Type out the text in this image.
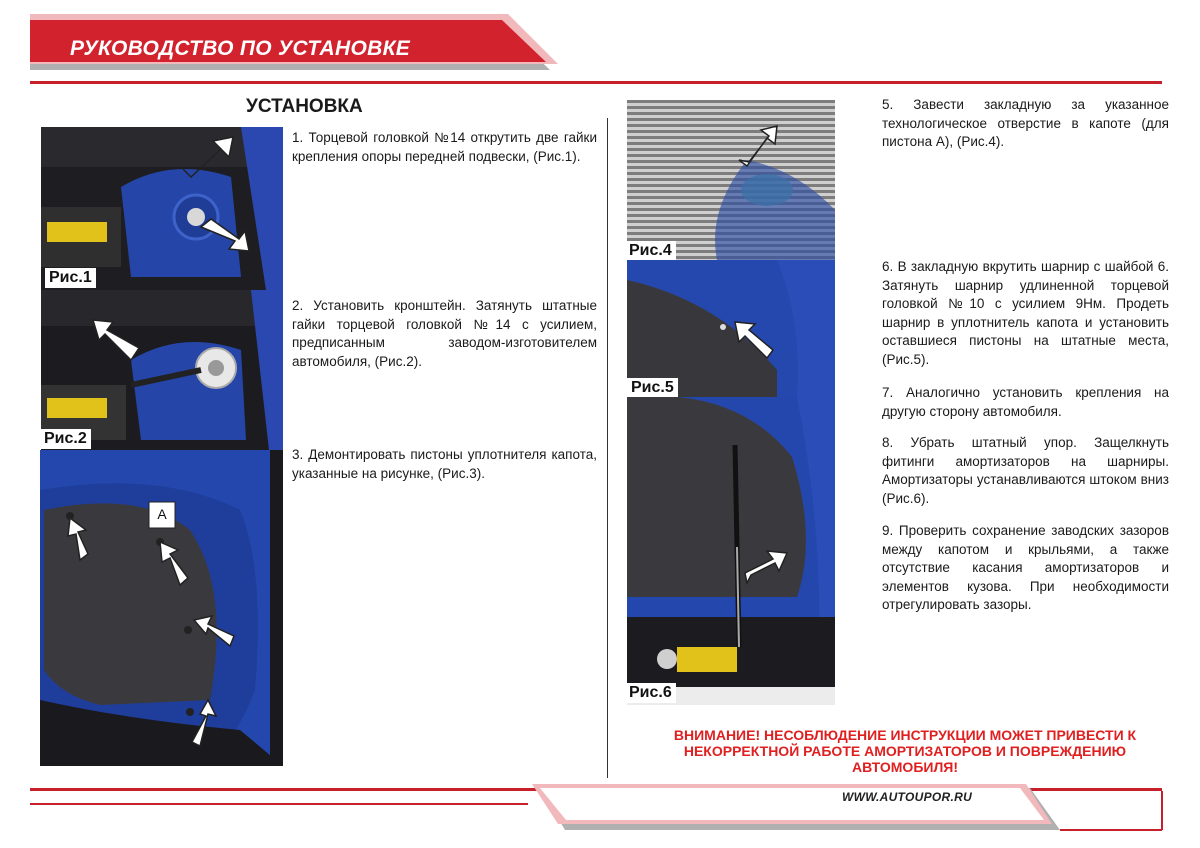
РУКОВОДСТВО ПО УСТАНОВКЕ
УСТАНОВКА
Рис.1
Рис.2
A
1. Торцевой головкой №14 открутить две гайки крепления опоры передней подвески, (Рис.1).
2. Установить кронштейн. Затянуть штатные гайки торцевой головкой №14 с усилием, предписанным заводом-изготовителем автомобиля, (Рис.2).
3. Демонтировать пистоны уплотнителя капота, указанные на рисунке, (Рис.3).
Рис.4
Рис.5
Рис.6
5. Завести закладную за указанное технологическое отверстие в капоте (для пистона А), (Рис.4).
6. В закладную вкрутить шарнир с шайбой 6. Затянуть шарнир удлиненной торцевой головкой №10 с усилием 9Нм. Продеть шарнир в уплотнитель капота и установить оставшиеся пистоны на штатные места, (Рис.5).
7. Аналогично установить крепления на другую сторону автомобиля.
8. Убрать штатный упор. Защелкнуть фитинги амортизаторов на шарниры. Амортизаторы устанавливаются штоком вниз (Рис.6).
9. Проверить сохранение заводских зазоров между капотом и крыльями, а также отсутствие касания амортизаторов и элементов кузова. При необходимости отрегулировать зазоры.
ВНИМАНИЕ! НЕСОБЛЮДЕНИЕ ИНСТРУКЦИИ МОЖЕТ ПРИВЕСТИ К НЕКОРРЕКТНОЙ РАБОТЕ АМОРТИЗАТОРОВ И ПОВРЕЖДЕНИЮ АВТОМОБИЛЯ!
WWW.AUTOUPOR.RU
